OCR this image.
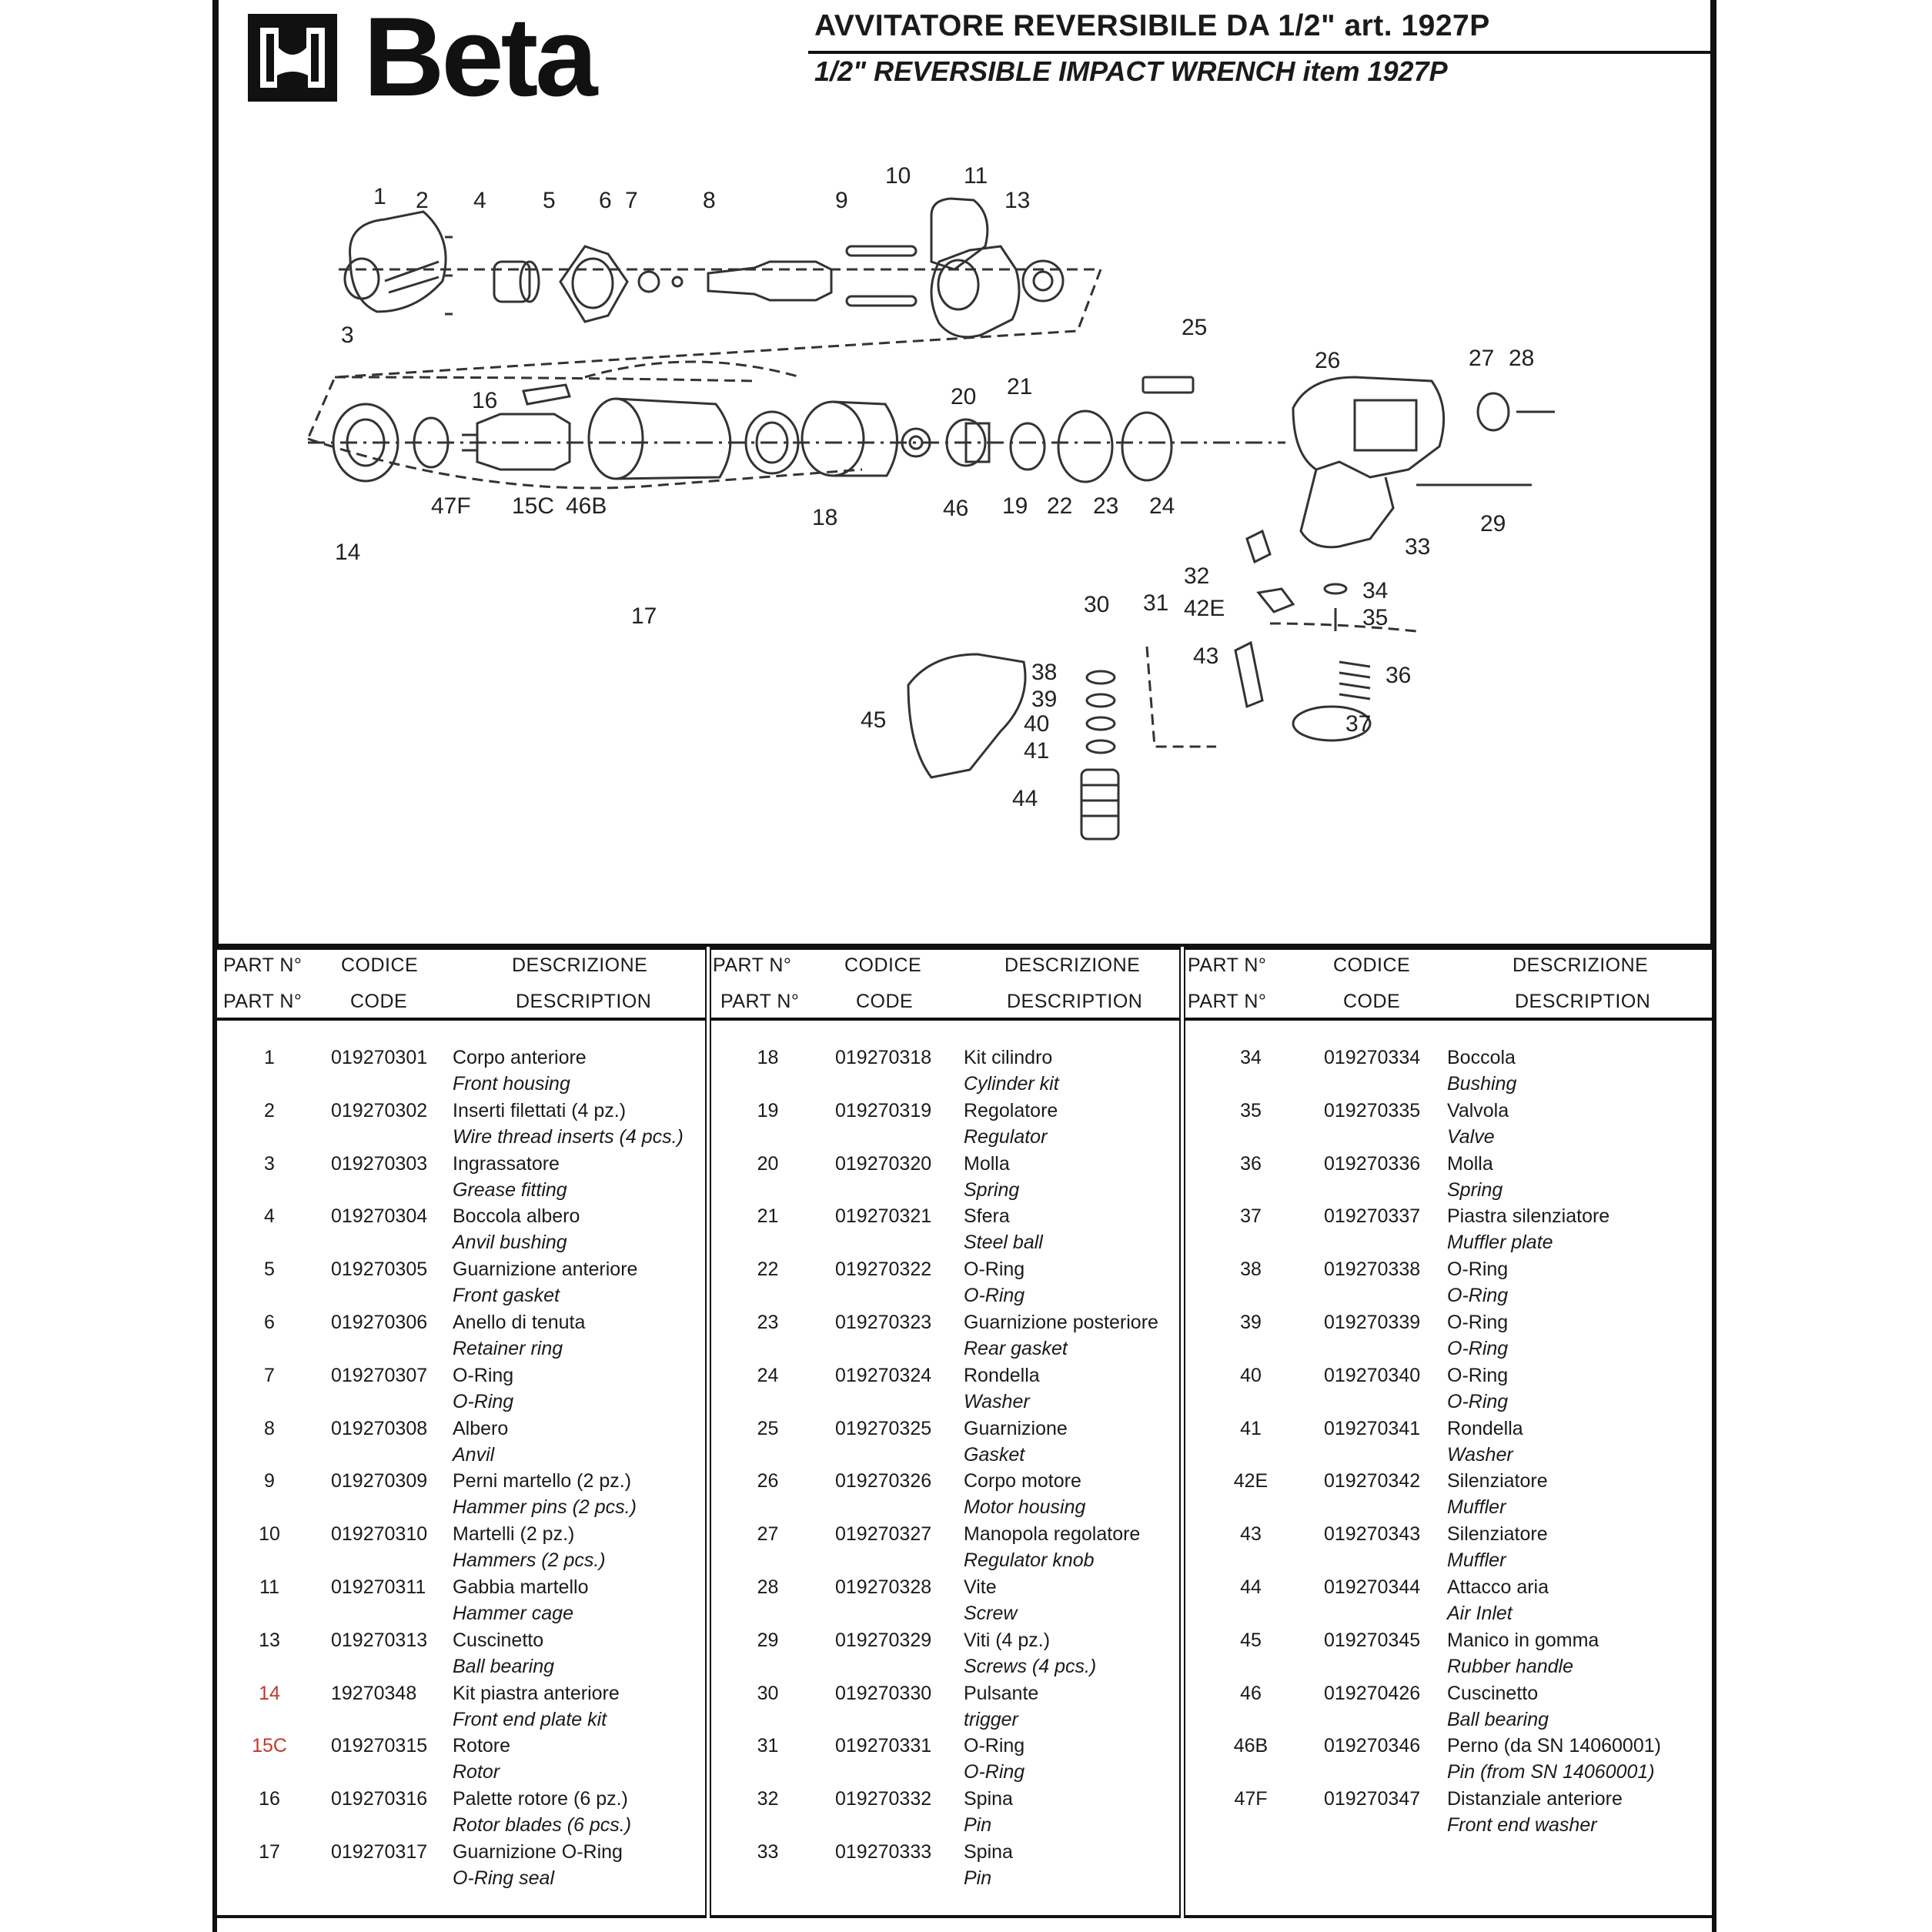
Beta	AVVITATORE REVERSIBILE DA 1/2" art. 1927P
1/2" REVERSIBLE IMPACT WRENCH item 1927P
1 2
3
4 5 6 7	8	9
10 11
13
14
15C
16
17
18	19
20 21
22 23 24
25
26	27 28
29
30 31
32
33
34
35
36
37
38
39
40
41
42E
43
44
45
46
46B
47F
PART N° CODICE	DESCRIZIONE
PART N°	CODE	DESCRIPTION
PART N°	CODICE	DESCRIZIONE
PART N°	CODE	DESCRIPTION
PART N°	CODICE	DESCRIZIONE
PART N°	CODE	DESCRIPTION
1	019270301 Corpo anteriore
Front housing
2	019270302 Inserti filettati (4 pz.)
Wire thread inserts (4 pcs.)
3	019270303 Ingrassatore
Grease fitting
4	019270304 Boccola albero
Anvil bushing
5	019270305 Guarnizione anteriore
Front gasket
6	019270306 Anello di tenuta
Retainer ring
7	019270307 O-Ring
O-Ring
8	019270308 Albero
Anvil
9	019270309 Perni martello (2 pz.)
Hammer pins (2 pcs.)
10	019270310 Martelli (2 pz.)
Hammers (2 pcs.)
11	019270311 Gabbia martello
Hammer cage
13	019270313 Cuscinetto
Ball bearing
14	19270348 Kit piastra anteriore
Front end plate kit
15C	019270315 Rotore
Rotor
16	019270316 Palette rotore (6 pz.)
Rotor blades (6 pcs.)
17	019270317 Guarnizione O-Ring
O-Ring seal
18	019270318 Kit cilindro
Cylinder kit
19	019270319 Regolatore
Regulator
20	019270320 Molla
Spring
21	019270321 Sfera
Steel ball
22	019270322 O-Ring
O-Ring
23	019270323 Guarnizione posteriore
Rear gasket
24	019270324 Rondella
Washer
25	019270325 Guarnizione
Gasket
26	019270326 Corpo motore
Motor housing
27	019270327 Manopola regolatore
Regulator knob
28	019270328 Vite
Screw
29	019270329 Viti (4 pz.)
Screws (4 pcs.)
30	019270330 Pulsante
trigger
31	019270331 O-Ring
O-Ring
32	019270332 Spina
Pin
33	019270333 Spina
Pin
34	019270334 Boccola
Bushing
35	019270335 Valvola
Valve
36	019270336 Molla
Spring
37	019270337 Piastra silenziatore
Muffler plate
38	019270338 O-Ring
O-Ring
39	019270339 O-Ring
O-Ring
40	019270340 O-Ring
O-Ring
41	019270341 Rondella
Washer
42E	019270342 Silenziatore
Muffler
43	019270343 Silenziatore
Muffler
44	019270344 Attacco aria
Air Inlet
45	019270345 Manico in gomma
Rubber handle
46	019270426 Cuscinetto
Ball bearing
46B	019270346 Perno (da SN 14060001)
Pin (from SN 14060001)
47F	019270347 Distanziale anteriore
Front end washer
